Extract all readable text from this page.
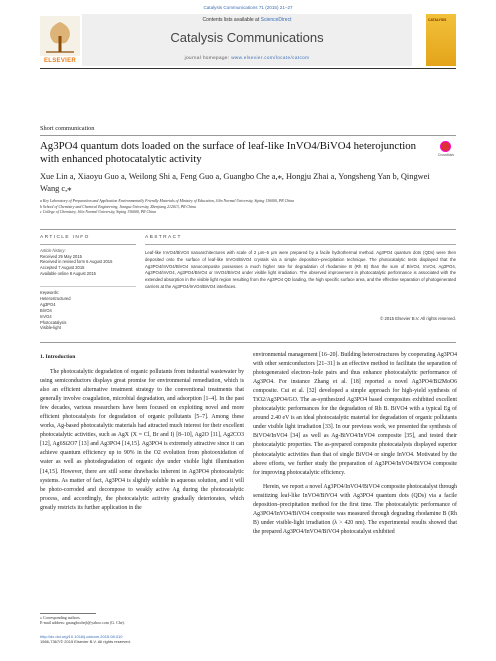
Catalysis Communications 71 (2015) 21–27
ELSEVIER
Contents lists available at ScienceDirect
Catalysis Communications
journal homepage: www.elsevier.com/locate/catcom
CATALYSIS
Short communication
Ag3PO4 quantum dots loaded on the surface of leaf-like InVO4/BiVO4 heterojunction with enhanced photocatalytic activity	CrossMark
Xue Lin a, Xiaoyu Guo a, Weilong Shi a, Feng Guo a, Guangbo Che a,⁎, Hongju Zhai a, Yongsheng Yan b, Qingwei Wang c,⁎
a Key Laboratory of Preparation and Application Environmentally Friendly Materials of Ministry of Education, Jilin Normal University, Siping 136000, PR China
b School of Chemistry and Chemical Engineering, Jiangsu University, Zhenjiang 212013, PR China
c College of Chemistry, Jilin Normal University, Siping 136000, PR China
ARTICLE INFO	ABSTRACT
Article history:
Received 29 May 2015
Received in revised form 6 August 2015
Accepted 7 August 2015
Available online 8 August 2015
Keywords:
Heterostructured
Ag3PO4
BiVO4
InVO4
Photocatalysis
Visible-light
Leaf-like InVO4/BiVO4 nanoarchitectures with scale of 2 μm–5 μm were prepared by a facile hydrothermal method. Ag3PO4 quantum dots (QDs) were then deposited onto the surface of leaf-like InVO4/BiVO4 crystals via a simple deposition–precipitation technique. The photocatalytic tests displayed that the Ag3PO4/InVO4/BiVO4 nanocomposite possesses a much higher rate for degradation of rhodamine B (Rh B) than the sum of BiVO4, InVO4, Ag3PO4, Ag3PO4/InVO4, Ag3PO4/BiVO4 or InVO4/BiVO4 under visible light irradiation. The observed improvement in photocatalytic performance is associated with the extended absorption in the visible light region resulting from the Ag3PO4 QD loading, the high specific surface area, and the effective separation of photogenerated carriers at the Ag3PO4/InVO4/BiVO4 interfaces.
© 2015 Elsevier B.V. All rights reserved.
1. Introduction

The photocatalytic degradation of organic pollutants from industrial wastewater by using semiconductors displays great promise for environmental remediation, which is also an efficient alternative treatment strategy to the conventional treatments that generally involve coagulation, microbial degradation, and adsorption [1–4]. In the past few decades, various researchers have been focused on exploiting novel and more efficient photocatalysts for degradation of organic pollutants [5–7]. Among these works, Ag-based photocatalytic materials had attracted much interest for their excellent photocatalytic activities, such as AgX (X = Cl, Br and I) [8–10], Ag2O [11], Ag2CO3 [12], Ag6Si2O7 [13] and Ag3PO4 [14,15]. Ag3PO4 is extremely attractive since it can achieve quantum efficiency up to 90% in the O2 evolution from photooxidation of water as well as photodegradation of organic dye under visible light illumination [14,15]. However, there are still some drawbacks inherent in Ag3PO4 photocatalytic systems. As matter of fact, Ag3PO4 is slightly soluble in aqueous solution, and it will be photo-corroded and decompose to weakly active Ag during the photocatalytic process, and accordingly, the photocatalytic activity gradually deteriorates, which greatly restricts its further application in the

environmental management [16–20]. Building heterostructures by cooperating Ag3PO4 with other semiconductors [21–31] is an effective method to facilitate the separation of photogenerated electron–hole pairs and thus enhance photocatalytic performance of Ag3PO4. For instance Zhang et al. [18] reported a novel Ag3PO4/Bi2MoO6 composite. Cui et al. [32] developed a simple approach for high-yield synthesis of TiO2/Ag3PO4/GO. The as-synthesized Ag3PO4 based composites exhibited excellent photocatalytic performances for the degradation of Rh B. BiVO4 with a typical Eg of around 2.40 eV is an ideal photocatalytic material for degradation of organic pollutants under visible light irradiation [33]. In our previous work, we presented the synthesis of BiVO4/InVO4 [34] as well as Ag-BiVO4/InVO4 composite [35], and tested their photocatalytic properties. The as-prepared composite photocatalysts displayed superior photocatalytic activities than that of single BiVO4 or single InVO4. Motivated by the above efforts, we further study the preparation of Ag3PO4/InVO4/BiVO4 composite for improving photocatalytic efficiency.

Herein, we report a novel Ag3PO4/InVO4/BiVO4 composite photocatalyst through sensitizing leaf-like InVO4/BiVO4 with Ag3PO4 quantum dots (QDs) via a facile deposition–precipitation method for the first time. The photocatalytic performance of Ag3PO4/InVO4/BiVO4 composite was measured through degrading rhodamine B (Rh B) under visible-light irradiation (λ > 420 nm). The experimental results showed that the prepared Ag3PO4/InVO4/BiVO4 photocatalyst exhibited

⁎ Corresponding authors.
E-mail address: guangbochejl@yahoo.com (G. Che).
http://dx.doi.org/10.1016/j.catcom.2015.08.010
1566-7367/© 2015 Elsevier B.V. All rights reserved.
